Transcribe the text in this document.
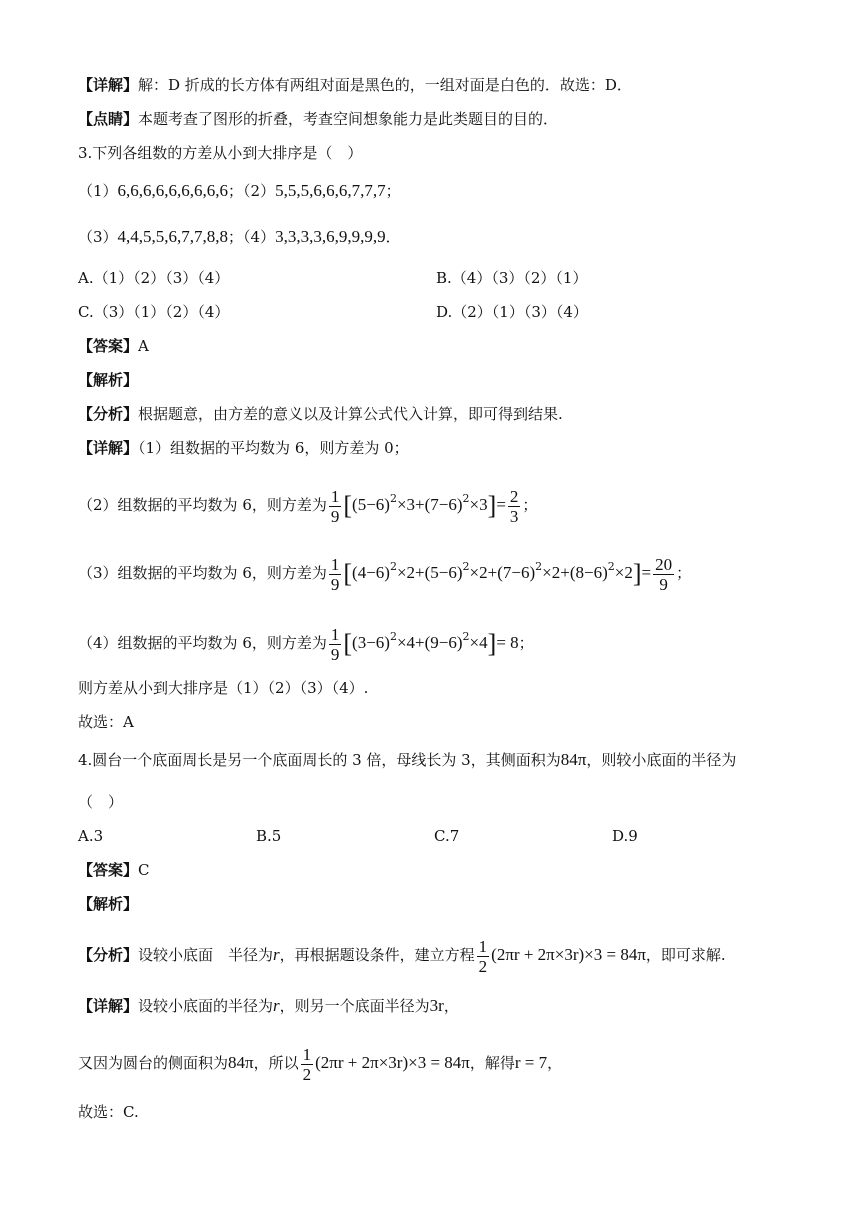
【详解】解：D 折成的长方体有两组对面是黑色的，一组对面是白色的．故选：D．
【点睛】本题考查了图形的折叠，考查空间想象能力是此类题目的目的．
3.下列各组数的方差从小到大排序是（　）
（1）6,6,6,6,6,6,6,6,6；（2）5,5,5,6,6,6,7,7,7；
（3）4,4,5,5,6,7,7,8,8；（4）3,3,3,3,6,9,9,9,9．
A.（1）（2）（3）（4）	B.（4）（3）（2）（1）
C.（3）（1）（2）（4）	D.（2）（1）（3）（4）
【答案】A
【解析】
【分析】根据题意，由方差的意义以及计算公式代入计算，即可得到结果.
【详解】（1）组数据的平均数为 6，则方差为 0；
（2）组数据的平均数为 6，则方差为 $\frac{1}{9} [(5-6)^2\times 3+(7-6)^2\times 3]= \frac{2}{3}$ ；
（3）组数据的平均数为 6，则方差为 $\frac{1}{9} [(4-6)^2\times 2+(5-6)^2\times 2+(7-6)^2\times 2+(8-6)^2\times 2]= \frac{20}{9}$ ；
（4）组数据的平均数为 6，则方差为 $\frac{1}{9} [(3-6)^2\times 4+(9-6)^2\times 4]= 8$；
则方差从小到大排序是（1）（2）（3）（4）.
故选：A
4.圆台一个底面周长是另一个底面周长的 3 倍，母线长为 3，其侧面积为84π，则较小底面的半径为
（　）
A.3	B.5	C.7	D.9
【答案】C
【解析】
【分析】设较小底面　半径为r，再根据题设条件，建立方程 $\frac{1}{2} (2\pi r + 2\pi\times 3r)\times 3 = 84\pi$，即可求解.
【详解】设较小底面的半径为r，则另一个底面半径为3r，
又因为圆台的侧面积为84π，所以 $\frac{1}{2} (2\pi r + 2\pi\times 3r)\times 3 = 84\pi$，解得r = 7，
故选：C.
